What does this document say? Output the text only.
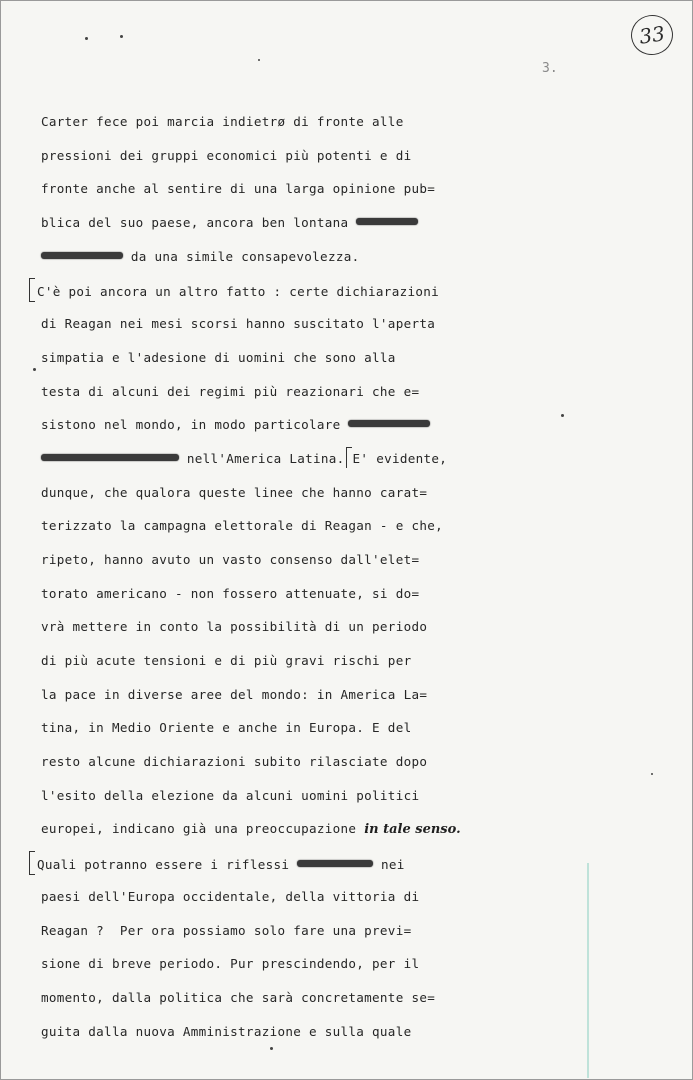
33
3.
Carter fece poi marcia indietrø di fronte alle
pressioni dei gruppi economici più potenti e di
fronte anche al sentire di una larga opinione pub=
blica del suo paese, ancora ben lontana
da una simile consapevolezza.
C'è poi ancora un altro fatto : certe dichiarazioni
di Reagan nei mesi scorsi hanno suscitato l'aperta
simpatia e l'adesione di uomini che sono alla
testa di alcuni dei regimi più reazionari che e=
sistono nel mondo, in modo particolare
nell'America Latina. E' evidente,
dunque, che qualora queste linee che hanno carat=
terizzato la campagna elettorale di Reagan - e che,
ripeto, hanno avuto un vasto consenso dall'elet=
torato americano - non fossero attenuate, si do=
vrà mettere in conto la possibilità di un periodo
di più acute tensioni e di più gravi rischi per
la pace in diverse aree del mondo: in America La=
tina, in Medio Oriente e anche in Europa. E del
resto alcune dichiarazioni subito rilasciate dopo
l'esito della elezione da alcuni uomini politici
europei, indicano già una preoccupazione in tale senso.
Quali potranno essere i riflessi	nei
paesi dell'Europa occidentale, della vittoria di
Reagan ?  Per ora possiamo solo fare una previ=
sione di breve periodo. Pur prescindendo, per il
momento, dalla politica che sarà concretamente se=
guita dalla nuova Amministrazione e sulla quale
